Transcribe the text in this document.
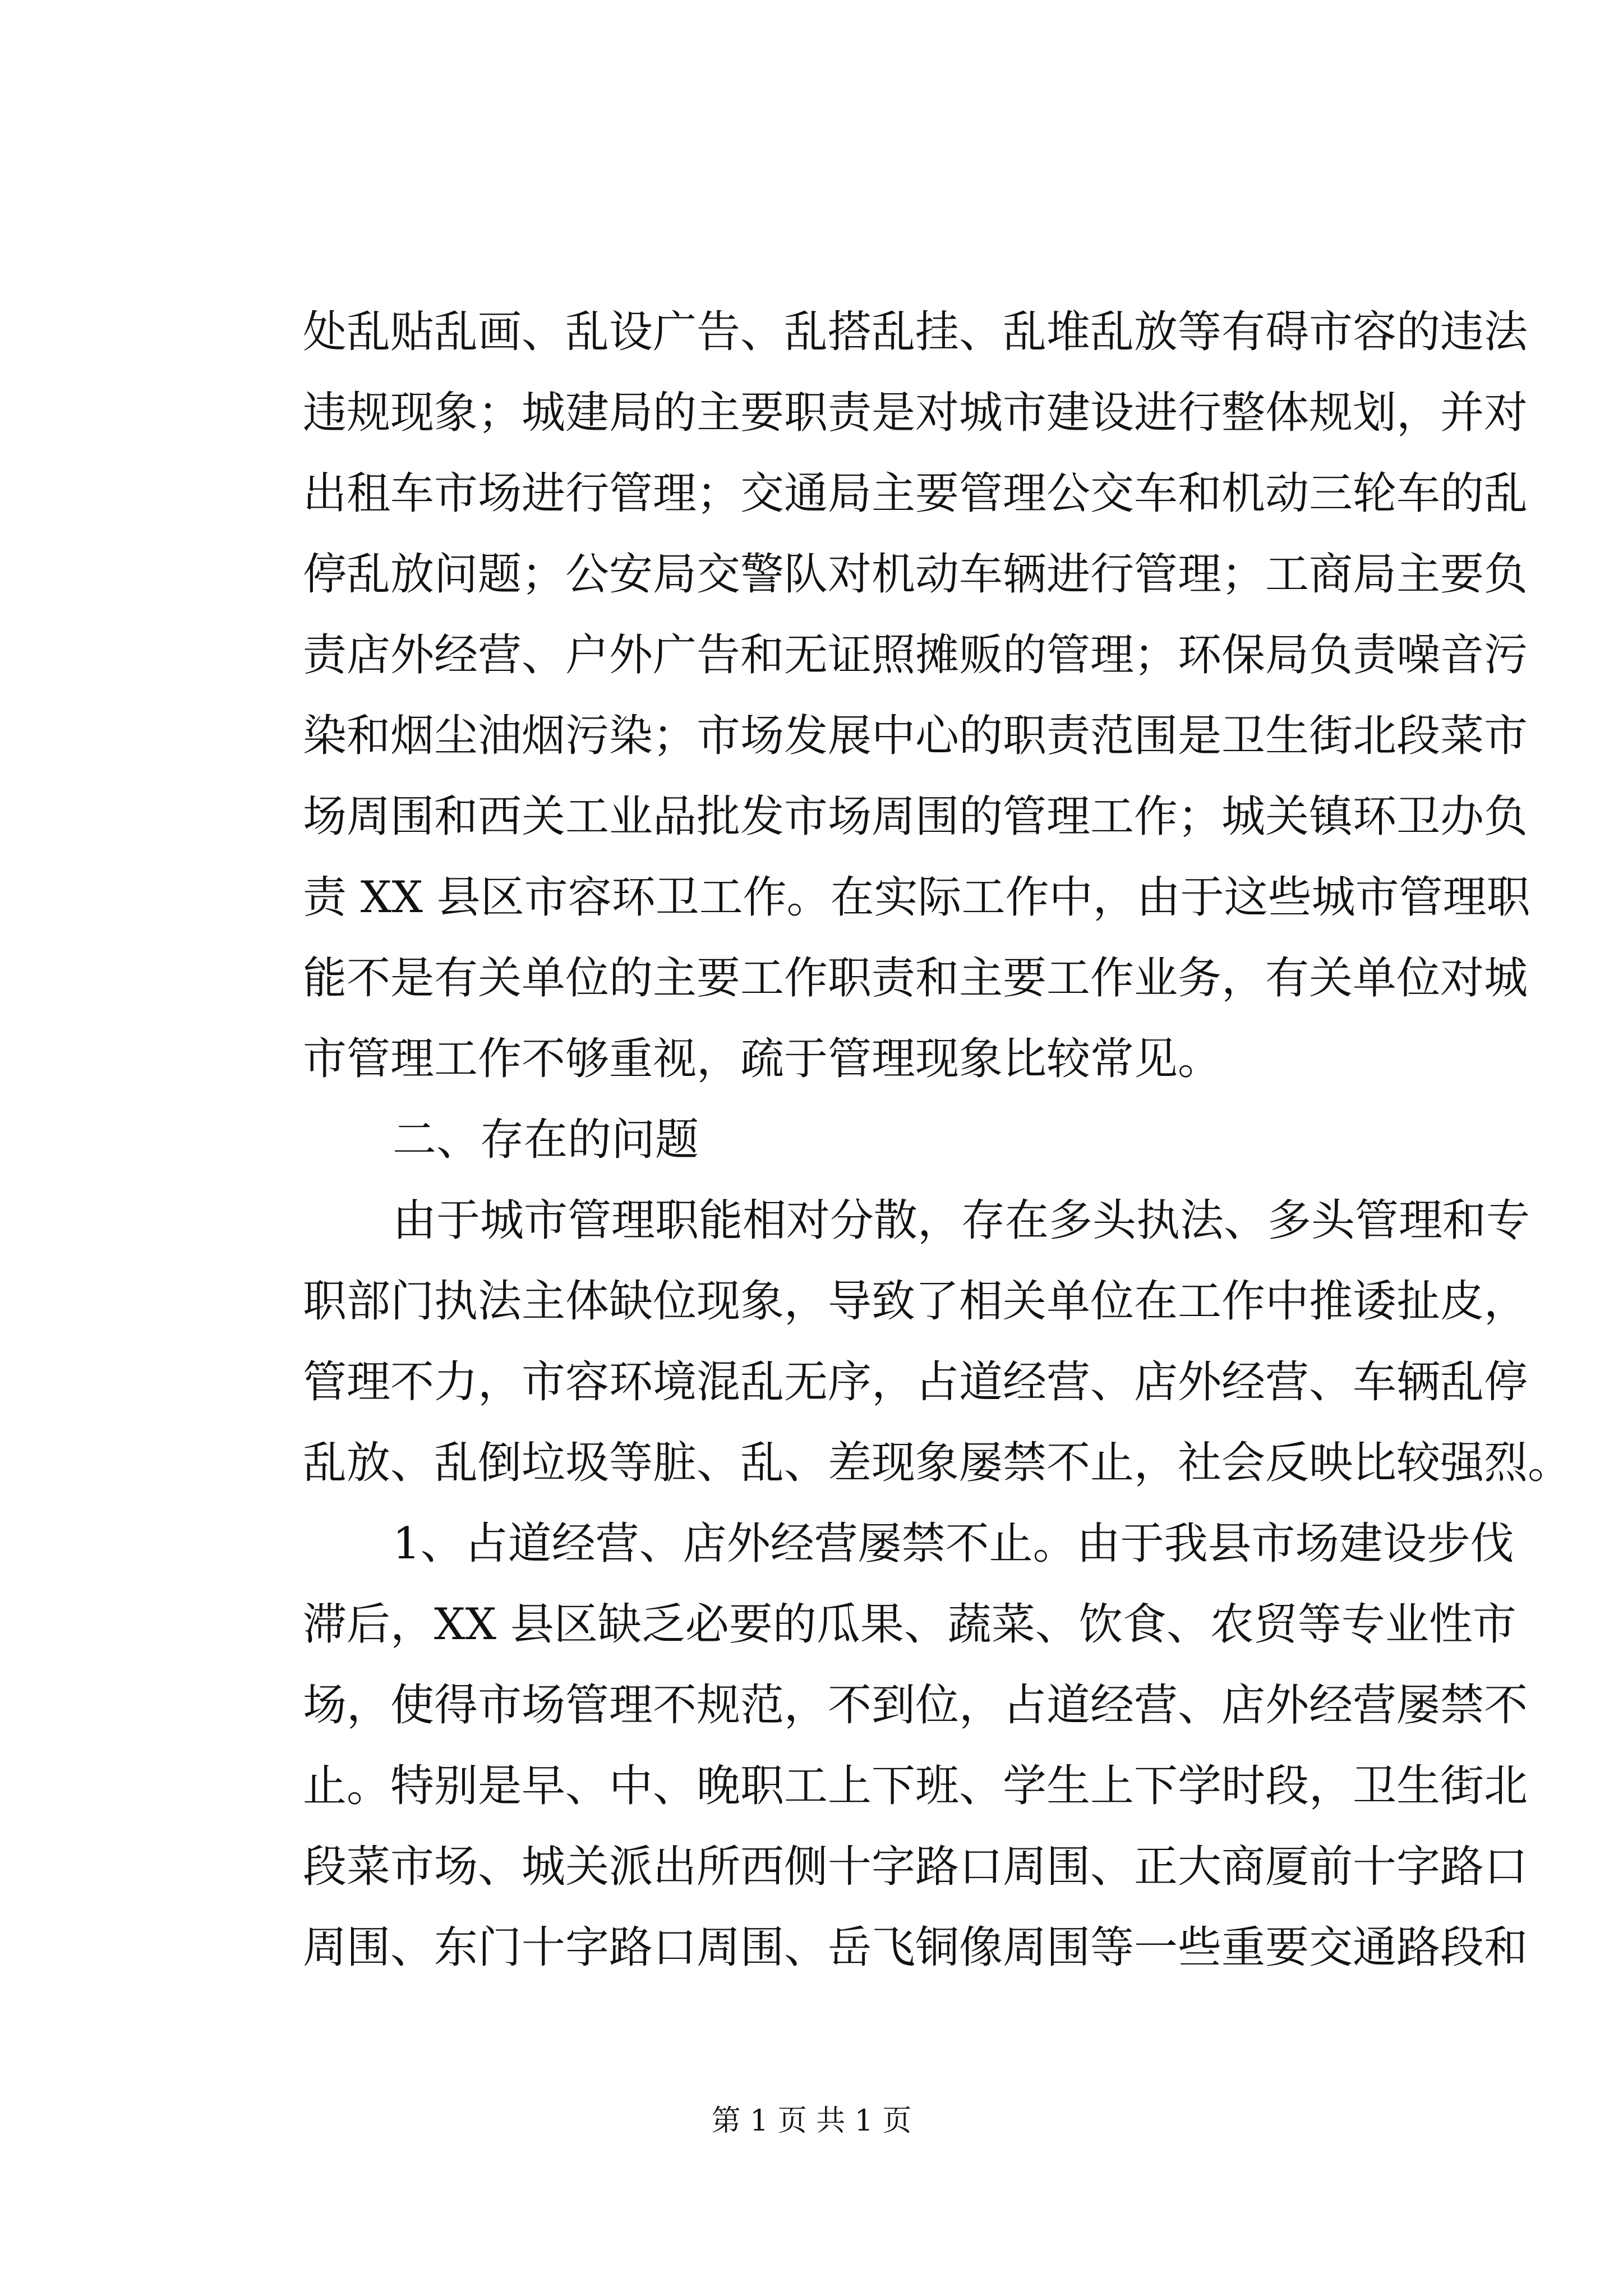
处乱贴乱画、乱设广告、乱搭乱挂、乱堆乱放等有碍市容的违法
违规现象；城建局的主要职责是对城市建设进行整体规划，并对
出租车市场进行管理；交通局主要管理公交车和机动三轮车的乱
停乱放问题；公安局交警队对机动车辆进行管理；工商局主要负
责店外经营、户外广告和无证照摊贩的管理；环保局负责噪音污
染和烟尘油烟污染；市场发展中心的职责范围是卫生街北段菜市
场周围和西关工业品批发市场周围的管理工作；城关镇环卫办负
责 XX 县区市容环卫工作。在实际工作中，由于这些城市管理职
能不是有关单位的主要工作职责和主要工作业务，有关单位对城
市管理工作不够重视，疏于管理现象比较常见。
二、存在的问题
由于城市管理职能相对分散，存在多头执法、多头管理和专
职部门执法主体缺位现象，导致了相关单位在工作中推诿扯皮，
管理不力，市容环境混乱无序，占道经营、店外经营、车辆乱停
乱放、乱倒垃圾等脏、乱、差现象屡禁不止，社会反映比较强烈。
1、占道经营、店外经营屡禁不止。由于我县市场建设步伐
滞后，XX 县区缺乏必要的瓜果、蔬菜、饮食、农贸等专业性市
场，使得市场管理不规范，不到位，占道经营、店外经营屡禁不
止。特别是早、中、晚职工上下班、学生上下学时段，卫生街北
段菜市场、城关派出所西侧十字路口周围、正大商厦前十字路口
周围、东门十字路口周围、岳飞铜像周围等一些重要交通路段和
第 1 页 共 1 页
